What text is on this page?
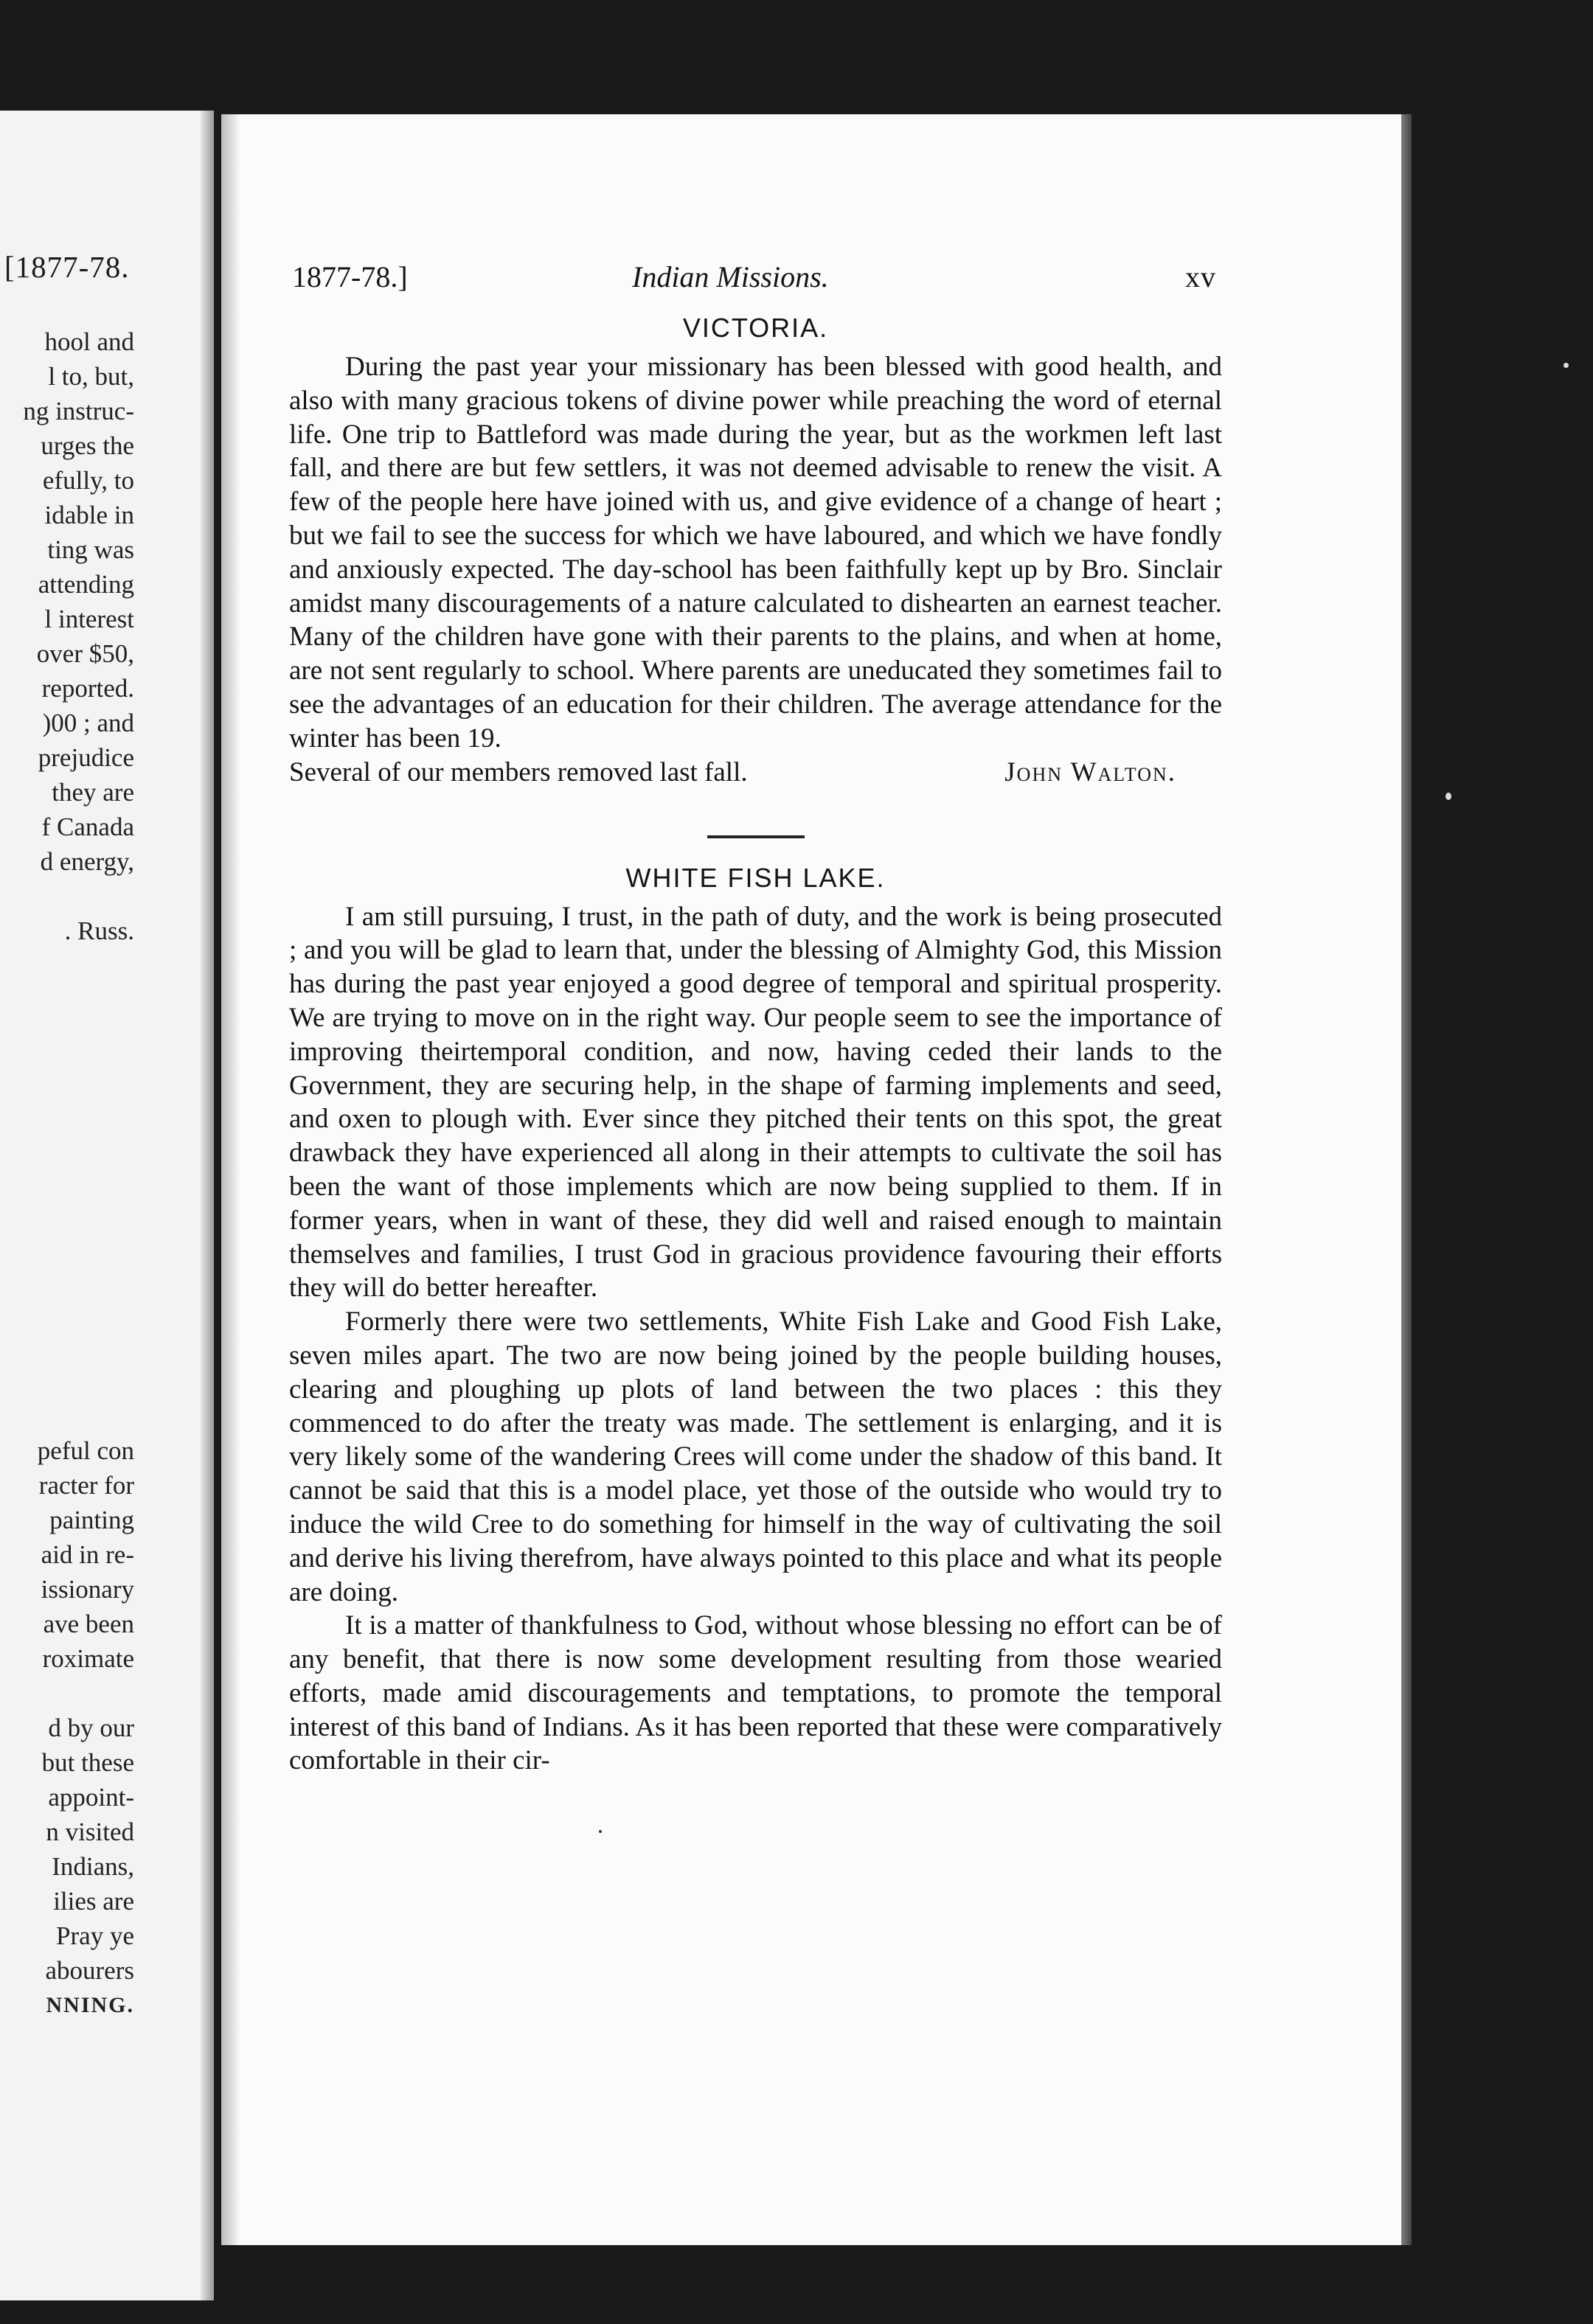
[1877-78.
hool and
l to, but,
ng instruc-
urges the
efully, to
idable in
ting was
attending
l interest
over $50,
reported.
)00 ; and
prejudice
they are
f Canada
d energy,
. Russ.
peful con
racter for
painting
aid in re-
issionary
ave been
roximate
d by our
but these
appoint-
n visited
Indians,
ilies are
Pray ye
abourers
NNING.
1877-78.]	Indian Missions.	xv
VICTORIA.

During the past year your missionary has been blessed with good health, and also with many gracious tokens of divine power while preaching the word of eternal life. One trip to Battleford was made during the year, but as the workmen left last fall, and there are but few settlers, it was not deemed advisable to renew the visit. A few of the people here have joined with us, and give evidence of a change of heart ; but we fail to see the success for which we have laboured, and which we have fondly and anxiously expected. The day-school has been faithfully kept up by Bro. Sinclair amidst many discouragements of a nature calculated to dishearten an earnest teacher. Many of the children have gone with their parents to the plains, and when at home, are not sent regularly to school. Where parents are uneducated they sometimes fail to see the advantages of an education for their children. The average attendance for the winter has been 19.

Several of our members removed last fall.	John Walton.
WHITE FISH LAKE.

I am still pursuing, I trust, in the path of duty, and the work is being prosecuted ; and you will be glad to learn that, under the blessing of Almighty God, this Mission has during the past year enjoyed a good degree of temporal and spiritual prosperity. We are trying to move on in the right way. Our people seem to see the importance of improving theirtemporal condition, and now, having ceded their lands to the Government, they are securing help, in the shape of farming implements and seed, and oxen to plough with. Ever since they pitched their tents on this spot, the great drawback they have experienced all along in their attempts to cultivate the soil has been the want of those implements which are now being supplied to them. If in former years, when in want of these, they did well and raised enough to maintain themselves and families, I trust God in gracious providence favouring their efforts they will do better hereafter.

Formerly there were two settlements, White Fish Lake and Good Fish Lake, seven miles apart. The two are now being joined by the people building houses, clearing and ploughing up plots of land between the two places : this they commenced to do after the treaty was made. The settlement is enlarging, and it is very likely some of the wandering Crees will come under the shadow of this band. It cannot be said that this is a model place, yet those of the outside who would try to induce the wild Cree to do something for himself in the way of cultivating the soil and derive his living therefrom, have always pointed to this place and what its people are doing.

It is a matter of thankfulness to God, without whose blessing no effort can be of any benefit, that there is now some development resulting from those wearied efforts, made amid discouragements and temptations, to promote the temporal interest of this band of Indians. As it has been reported that these were comparatively comfortable in their cir-
